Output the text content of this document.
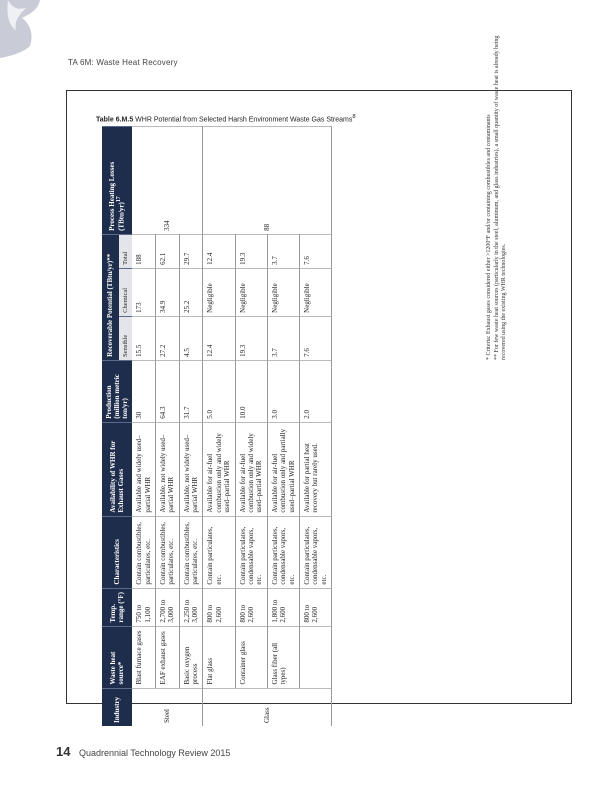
TA 6M: Waste Heat Recovery
Table 6.M.5 WHR Potential from Selected Harsh Environment Waste Gas Streams$^8$
Industry	Waste heat source*	Temp. range (°F)	Characteristics	Availability of WHR for Exhaust Gases	Production (million metric ton/yr)	Recoverable Potential (TBtu/yr)**			Process Heating Losses (TBtu/yr)$^{17}$
						Sensible	Chemical	Total	
Steel	Blast furnace gases	750 to 1,100	Contain combustibles, particulates, etc.	Available and widely used–partial WHR	30	15.5	173	188	334
	EAF exhaust gases	2,700 to 3,000	Contain combustibles, particulates, etc.	Available, not widely used–partial WHR	64.3	27.2	34.9	62.1	
	Basic oxygen process	2,250 to 3,000	Contain combustibles, particulates, etc.	Available, not widely used–partial WHR	31.7	4.5	25.2	29.7	
Glass	Flat glass	800 to 2,600	Contain particulates, etc.	Available for air-fuel combustion only and widely used–partial WHR	5.0	12.4	Negligible	12.4	88
	Container glass	800 to 2,600	Contain particulates, condensable vapors, etc.	Available for air-fuel combustion only and widely used–partial WHR	10.0	19.3	Negligible	19.3	
	Glass fiber (all types)	1,800 to 2,600	Contain particulates, condensable vapors, etc.	Available for air-fuel combustion only and partially used–partial WHR	3.0	3.7	Negligible	3.7	
		800 to 2,600	Contain particulates, condensable vapors, etc.	Available for partial heat recovery but rarely used.	2.0	7.6	Negligible	7.6		* Criteria: Exhaust gases considered either >1200°F and/or containing combustibles and contaminants ** For few waste heat sources (particularly in the steel, aluminum, and glass industries), a small quantity of waste heat is already being recovered using the existing WHR technologies.

14 Quadrennial Technology Review 2015
